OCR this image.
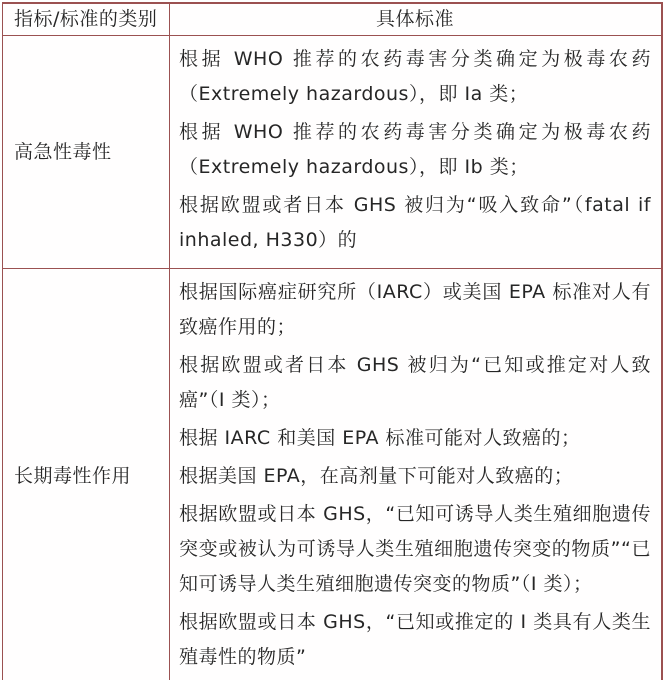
指标/标准的类别	具体标准
高急性毒性

根据 WHO 推荐的农药毒害分类确定为极毒农药（Extremely hazardous），即 Ia 类；

根据 WHO 推荐的农药毒害分类确定为极毒农药（Extremely hazardous），即 Ib 类；

根据欧盟或者日本 GHS 被归为“吸入致命”（fatal if inhaled, H330）的

长期毒性作用

根据国际癌症研究所（IARC）或美国 EPA 标准对人有致癌作用的；

根据欧盟或者日本 GHS 被归为“已知或推定对人致癌”（I 类）；

根据 IARC 和美国 EPA 标准可能对人致癌的；

根据美国 EPA，在高剂量下可能对人致癌的；

根据欧盟或日本 GHS，“已知可诱导人类生殖细胞遗传突变或被认为可诱导人类生殖细胞遗传突变的物质”“已知可诱导人类生殖细胞遗传突变的物质”（I 类）；

根据欧盟或日本 GHS，“已知或推定的 I 类具有人类生殖毒性的物质”
